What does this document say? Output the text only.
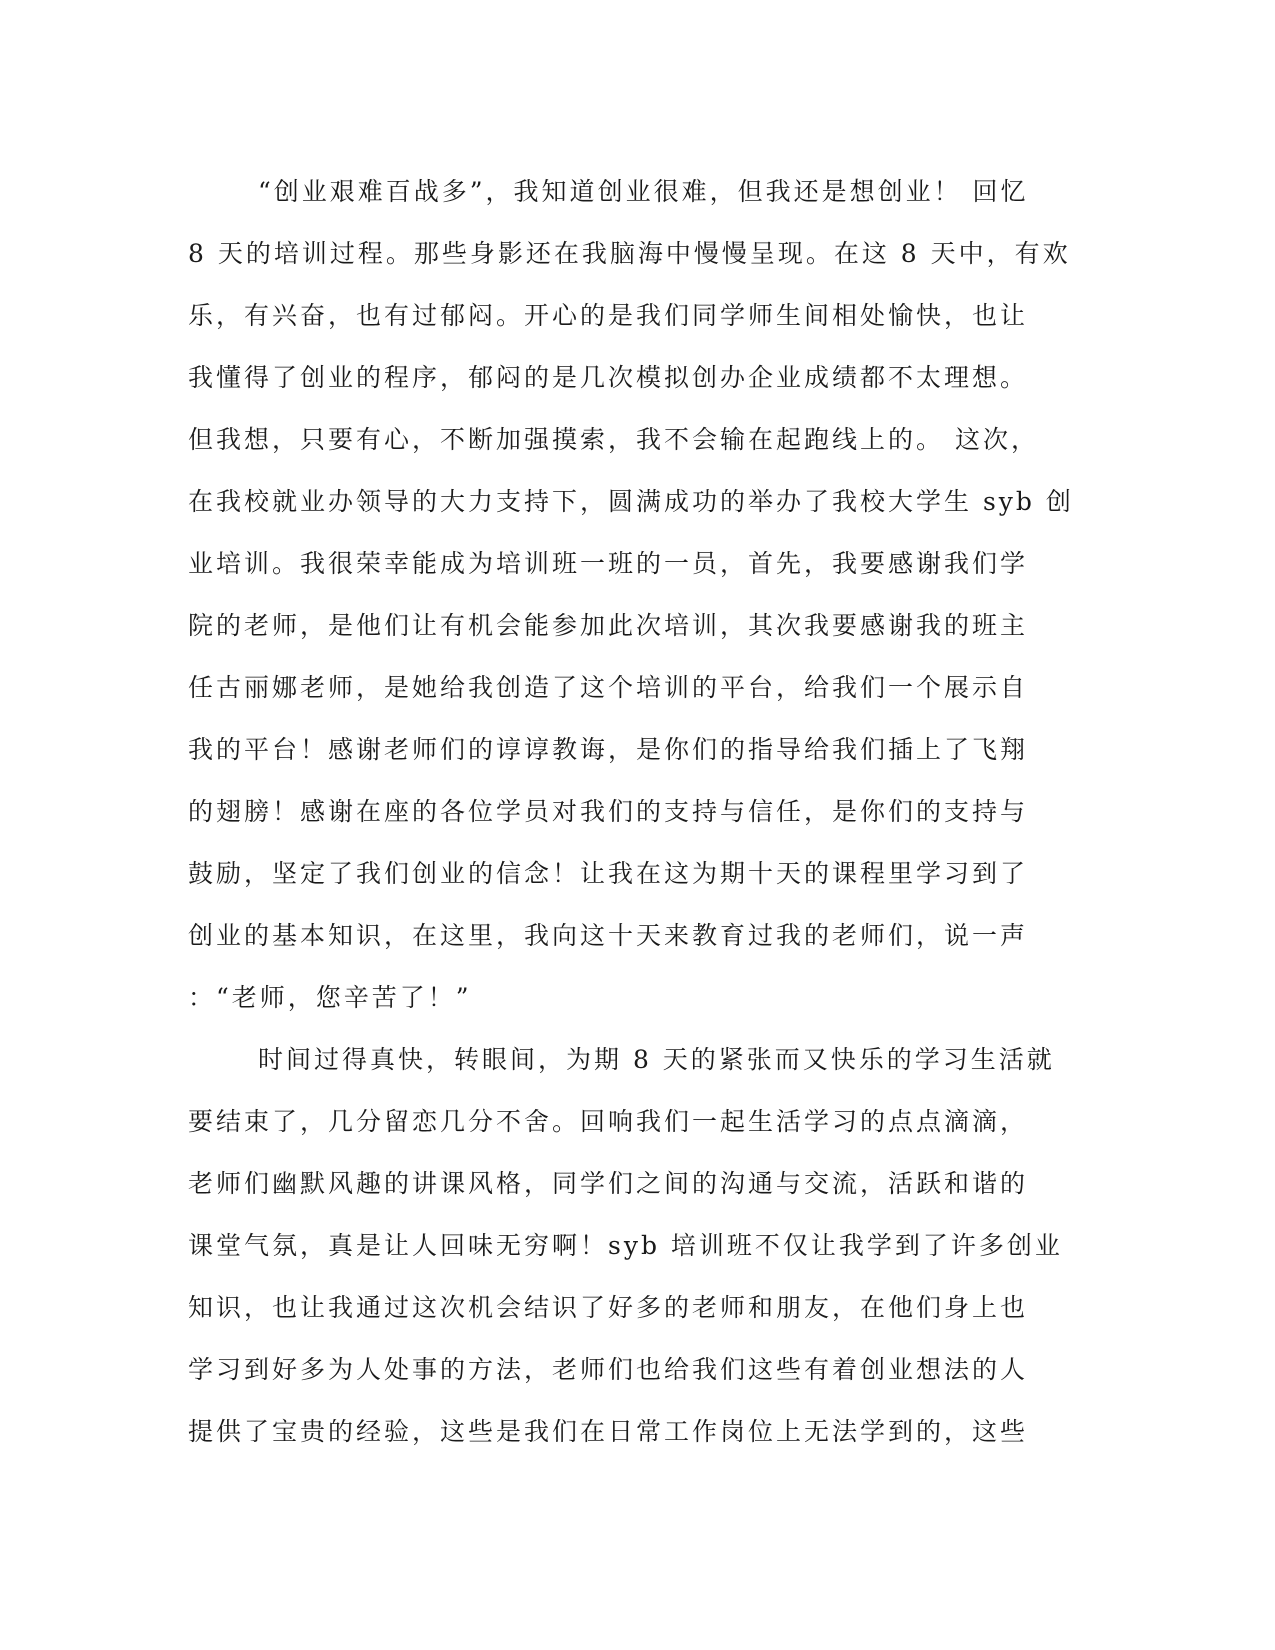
“创业艰难百战多”，我知道创业很难，但我还是想创业！ 回忆
8 天的培训过程。那些身影还在我脑海中慢慢呈现。在这 8 天中，有欢
乐，有兴奋，也有过郁闷。开心的是我们同学师生间相处愉快，也让
我懂得了创业的程序，郁闷的是几次模拟创办企业成绩都不太理想。
但我想，只要有心，不断加强摸索，我不会输在起跑线上的。 这次，
在我校就业办领导的大力支持下，圆满成功的举办了我校大学生 syb 创
业培训。我很荣幸能成为培训班一班的一员，首先，我要感谢我们学
院的老师，是他们让有机会能参加此次培训，其次我要感谢我的班主
任古丽娜老师，是她给我创造了这个培训的平台，给我们一个展示自
我的平台！感谢老师们的谆谆教诲，是你们的指导给我们插上了飞翔
的翅膀！感谢在座的各位学员对我们的支持与信任，是你们的支持与
鼓励，坚定了我们创业的信念！让我在这为期十天的课程里学习到了
创业的基本知识，在这里，我向这十天来教育过我的老师们，说一声
：“老师，您辛苦了！”
时间过得真快，转眼间，为期 8 天的紧张而又快乐的学习生活就
要结束了，几分留恋几分不舍。回响我们一起生活学习的点点滴滴，
老师们幽默风趣的讲课风格，同学们之间的沟通与交流，活跃和谐的
课堂气氛，真是让人回味无穷啊！syb 培训班不仅让我学到了许多创业
知识，也让我通过这次机会结识了好多的老师和朋友，在他们身上也
学习到好多为人处事的方法，老师们也给我们这些有着创业想法的人
提供了宝贵的经验，这些是我们在日常工作岗位上无法学到的，这些
